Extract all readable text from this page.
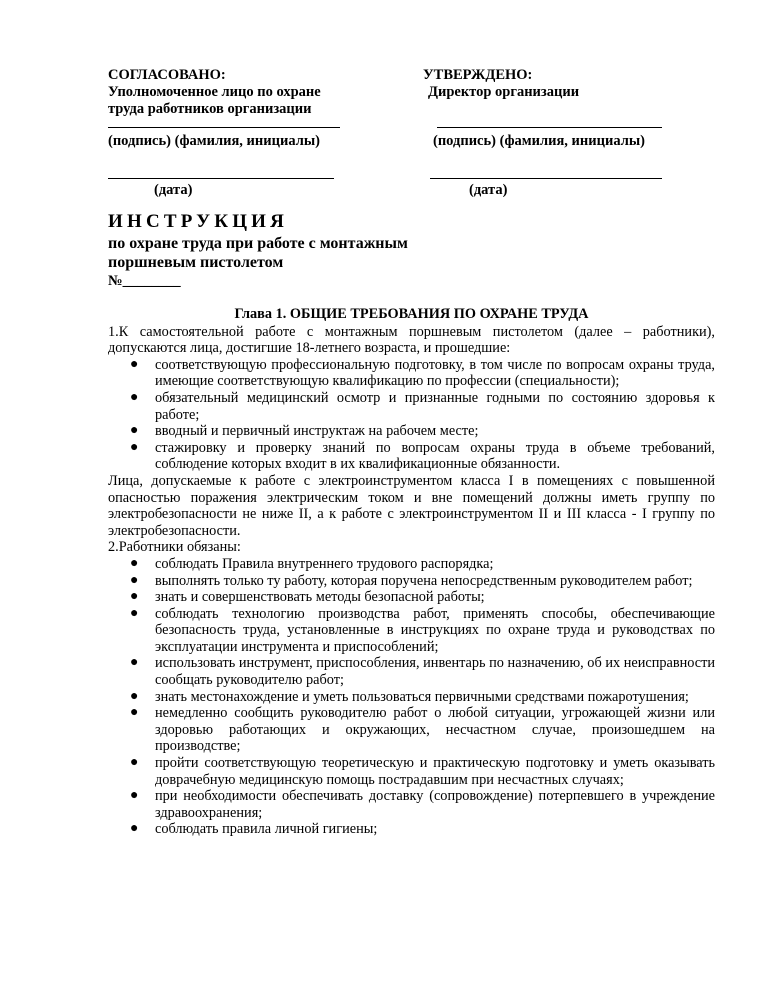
СОГЛАСОВАНО:
Уполномоченное лицо по охране
труда работников организации
(подпись) (фамилия, инициалы)
(дата)
УТВЕРЖДЕНО:
Директор организации
(подпись) (фамилия, инициалы)
(дата)
ИНСТРУКЦИЯ
по охране труда при работе с монтажным
поршневым пистолетом
№________
Глава 1. ОБЩИЕ ТРЕБОВАНИЯ ПО ОХРАНЕ ТРУДА

1.К самостоятельной работе с монтажным поршневым пистолетом (далее – работники), допускаются лица, достигшие 18-летнего возраста, и прошедшие:

● соответствующую профессиональную подготовку, в том числе по вопросам охраны труда, имеющие соответствующую квалификацию по профессии (специальности);
● обязательный медицинский осмотр и признанные годными по состоянию здоровья к работе;
● вводный и первичный инструктаж на рабочем месте;
● стажировку и проверку знаний по вопросам охраны труда в объеме требований, соблюдение которых входит в их квалификационные обязанности.

Лица, допускаемые к работе с электроинструментом класса I в помещениях с повышенной опасностью поражения электрическим током и вне помещений должны иметь группу по электробезопасности не ниже II, а к работе с электроинструментом II и III класса - I группу по электробезопасности.

2.Работники обязаны:

● соблюдать Правила внутреннего трудового распорядка;
● выполнять только ту работу, которая поручена непосредственным руководителем работ;
● знать и совершенствовать методы безопасной работы;
● соблюдать технологию производства работ, применять способы, обеспечивающие безопасность труда, установленные в инструкциях по охране труда и руководствах по эксплуатации инструмента и приспособлений;
● использовать инструмент, приспособления, инвентарь по назначению, об их неисправности сообщать руководителю работ;
● знать местонахождение и уметь пользоваться первичными средствами пожаротушения;
● немедленно сообщить руководителю работ о любой ситуации, угрожающей жизни или здоровью работающих и окружающих, несчастном случае, произошедшем на производстве;
● пройти соответствующую теоретическую и практическую подготовку и уметь оказывать доврачебную медицинскую помощь пострадавшим при несчастных случаях;
● при необходимости обеспечивать доставку (сопровождение) потерпевшего в учреждение здравоохранения;
● соблюдать правила личной гигиены;
